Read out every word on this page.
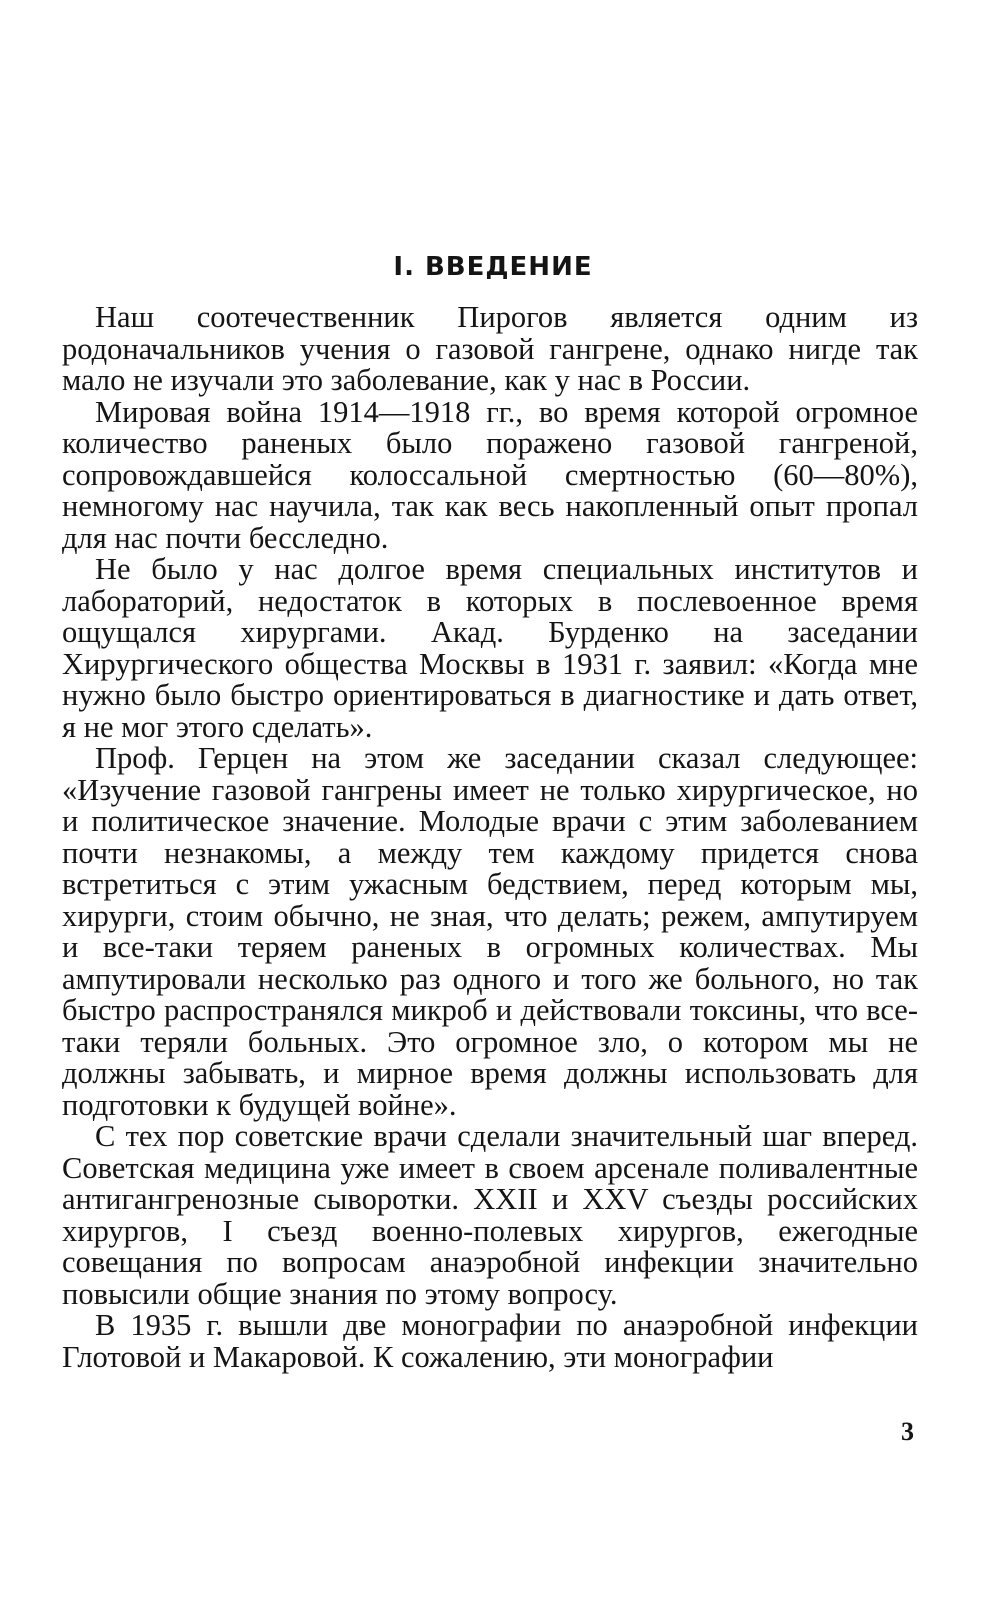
I. ВВЕДЕНИЕ

Наш соотечественник Пирогов является одним из родоначальников учения о газовой гангрене, однако нигде так мало не изучали это заболевание, как у нас в России.

Мировая война 1914—1918 гг., во время которой огромное количество раненых было поражено газовой гангреной, сопровождавшейся колоссальной смертностью (60—80%), немногому нас научила, так как весь накопленный опыт пропал для нас почти бесследно.

Не было у нас долгое время специальных институтов и лабораторий, недостаток в которых в послевоенное время ощущался хирургами. Акад. Бурденко на заседании Хирургического общества Москвы в 1931 г. заявил: «Когда мне нужно было быстро ориентироваться в диагностике и дать ответ, я не мог этого сделать».

Проф. Герцен на этом же заседании сказал следующее: «Изучение газовой гангрены имеет не только хирургическое, но и политическое значение. Молодые врачи с этим заболеванием почти незнакомы, а между тем каждому придется снова встретиться с этим ужасным бедствием, перед которым мы, хирурги, стоим обычно, не зная, что делать; режем, ампутируем и все-таки теряем раненых в огромных количествах. Мы ампутировали несколько раз одного и того же больного, но так быстро распространялся микроб и действовали токсины, что все-таки теряли больных. Это огромное зло, о котором мы не должны забывать, и мирное время должны использовать для подготовки к будущей войне».

С тех пор советские врачи сделали значительный шаг вперед. Советская медицина уже имеет в своем арсенале поливалентные антигангренозные сыворотки. XXII и XXV съезды российских хирургов, I съезд военно-полевых хирургов, ежегодные совещания по вопросам анаэробной инфекции значительно повысили общие знания по этому вопросу.

В 1935 г. вышли две монографии по анаэробной инфекции Глотовой и Макаровой. К сожалению, эти монографии

3
